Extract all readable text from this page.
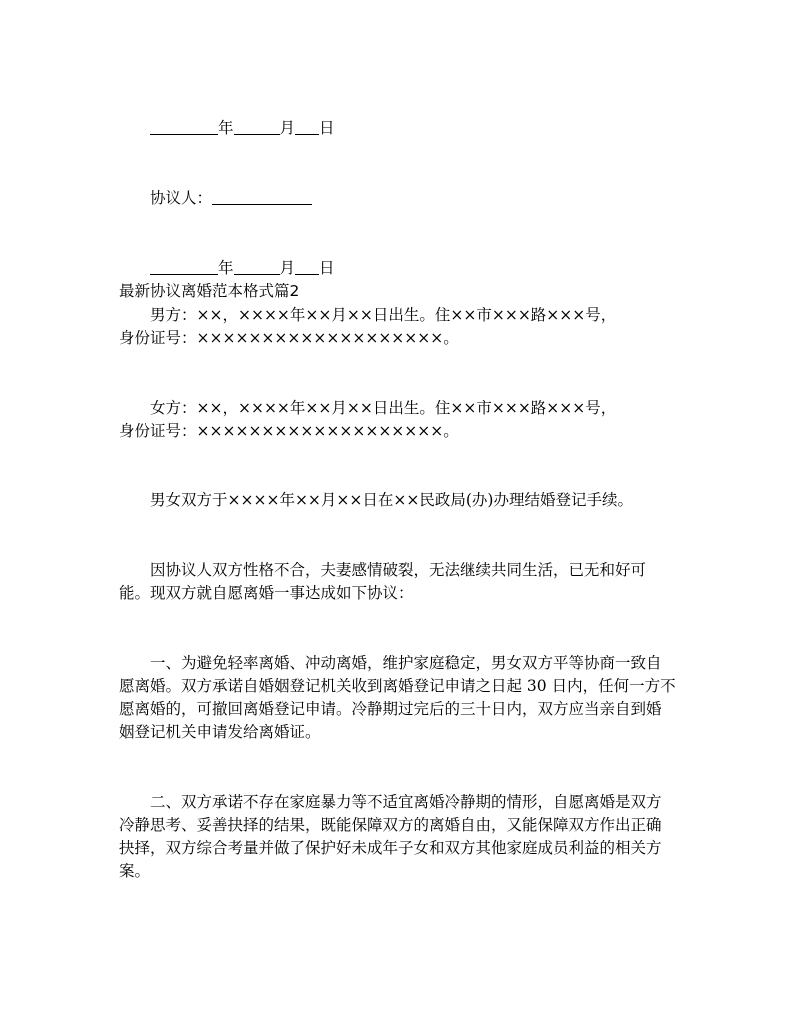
年	月 日
协议人：
年	月 日
最新协议离婚范本格式篇2
男方：××，××××年××月××日出生。住××市×××路×××号，
身份证号：×××××××××××××××××××。
女方：××，××××年××月××日出生。住××市×××路×××号，
身份证号：×××××××××××××××××××。
男女双方于××××年××月××日在××民政局(办)办理结婚登记手续。
因协议人双方性格不合，夫妻感情破裂，无法继续共同生活，已无和好可
能。现双方就自愿离婚一事达成如下协议：
一、为避免轻率离婚、冲动离婚，维护家庭稳定，男女双方平等协商一致自
愿离婚。双方承诺自婚姻登记机关收到离婚登记申请之日起 30 日内，任何一方不
愿离婚的，可撤回离婚登记申请。冷静期过完后的三十日内，双方应当亲自到婚
姻登记机关申请发给离婚证。
二、双方承诺不存在家庭暴力等不适宜离婚冷静期的情形，自愿离婚是双方
冷静思考、妥善抉择的结果，既能保障双方的离婚自由，又能保障双方作出正确
抉择，双方综合考量并做了保护好未成年子女和双方其他家庭成员利益的相关方
案。
